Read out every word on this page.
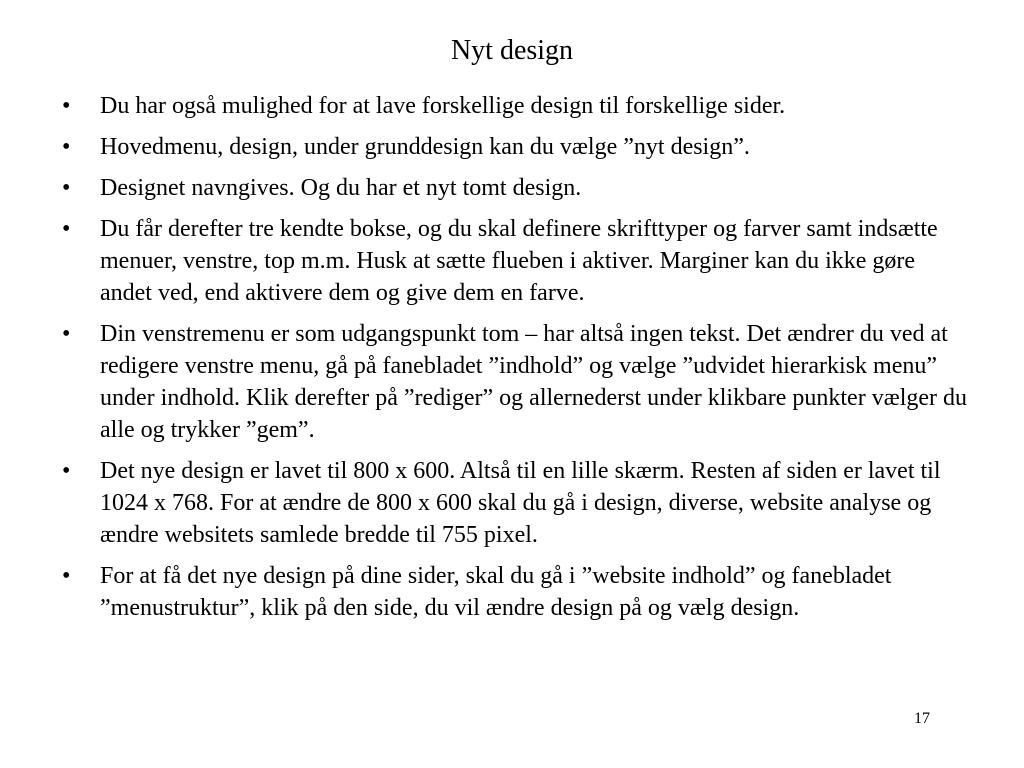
Nyt design
• Du har også mulighed for at lave forskellige design til forskellige sider.
• Hovedmenu, design, under grunddesign kan du vælge ”nyt design”.
• Designet navngives. Og du har et nyt tomt design.
• Du får derefter tre kendte bokse, og du skal definere skrifttyper og farver samt indsætte menuer, venstre, top m.m. Husk at sætte flueben i aktiver. Marginer kan du ikke gøre andet ved, end aktivere dem og give dem en farve.
• Din venstremenu er som udgangspunkt tom – har altså ingen tekst. Det ændrer du ved at redigere venstre menu, gå på fanebladet ”indhold” og vælge ”udvidet hierarkisk menu” under indhold. Klik derefter på ”rediger” og allernederst under klikbare punkter vælger du alle og trykker ”gem”.
• Det nye design er lavet til 800 x 600. Altså til en lille skærm. Resten af siden er lavet til 1024 x 768. For at ændre de 800 x 600 skal du gå i design, diverse, website analyse og ændre websitets samlede bredde til 755 pixel.
• For at få det nye design på dine sider, skal du gå i ”website indhold” og fanebladet ”menustruktur”, klik på den side, du vil ændre design på og vælg design.
17
